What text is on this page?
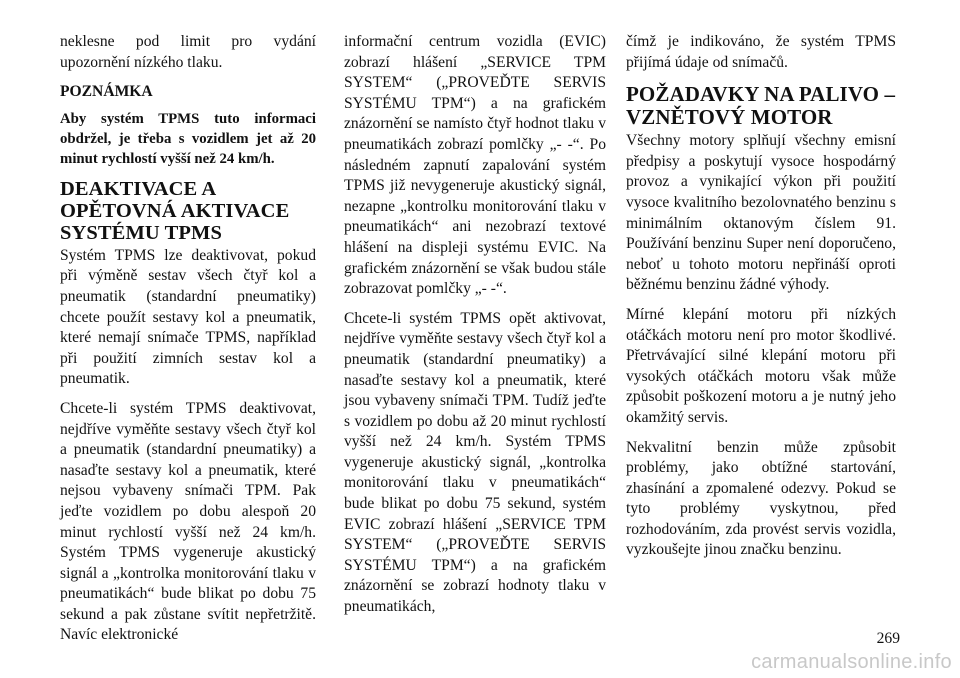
neklesne pod limit pro vydání upozornění nízkého tlaku.

POZNÁMKA

Aby systém TPMS tuto informaci obdržel, je třeba s vozidlem jet až 20 minut rychlostí vyšší než 24 km/h.

DEAKTIVACE A OPĚTOVNÁ AKTIVACE SYSTÉMU TPMS

Systém TPMS lze deaktivovat, pokud při výměně sestav všech čtyř kol a pneumatik (standardní pneumatiky) chcete použít sestavy kol a pneumatik, které nemají snímače TPMS, například při použití zimních sestav kol a pneumatik.

Chcete-li systém TPMS deaktivovat, nejdříve vyměňte sestavy všech čtyř kol a pneumatik (standardní pneumatiky) a nasaďte sestavy kol a pneumatik, které nejsou vybaveny snímači TPM. Pak jeďte vozidlem po dobu alespoň 20 minut rychlostí vyšší než 24 km/h. Systém TPMS vygeneruje akustický signál a „kontrolka monitorování tlaku v pneumatikách“ bude blikat po dobu 75 sekund a pak zůstane svítit nepřetržitě. Navíc elektronické

informační centrum vozidla (EVIC) zobrazí hlášení „SERVICE TPM SYSTEM“ („PROVEĎTE SERVIS SYSTÉMU TPM“) a na grafickém znázornění se namísto čtyř hodnot tlaku v pneumatikách zobrazí pomlčky „- -“. Po následném zapnutí zapalování systém TPMS již nevygeneruje akustický signál, nezapne „kontrolku monitorování tlaku v pneumatikách“ ani nezobrazí textové hlášení na displeji systému EVIC. Na grafickém znázornění se však budou stále zobrazovat pomlčky „- -“.

Chcete-li systém TPMS opět aktivovat, nejdříve vyměňte sestavy všech čtyř kol a pneumatik (standardní pneumatiky) a nasaďte sestavy kol a pneumatik, které jsou vybaveny snímači TPM. Tudíž jeďte s vozidlem po dobu až 20 minut rychlostí vyšší než 24 km/h. Systém TPMS vygeneruje akustický signál, „kontrolka monitorování tlaku v pneumatikách“ bude blikat po dobu 75 sekund, systém EVIC zobrazí hlášení „SERVICE TPM SYSTEM“ („PROVEĎTE SERVIS SYSTÉMU TPM“) a na grafickém znázornění se zobrazí hodnoty tlaku v pneumatikách,

čímž je indikováno, že systém TPMS přijímá údaje od snímačů.

POŽADAVKY NA PALIVO – VZNĚTOVÝ MOTOR

Všechny motory splňují všechny emisní předpisy a poskytují vysoce hospodárný provoz a vynikající výkon při použití vysoce kvalitního bezolovnatého benzinu s minimálním oktanovým číslem 91. Používání benzinu Super není doporučeno, neboť u tohoto motoru nepřináší oproti běžnému benzinu žádné výhody.

Mírné klepání motoru při nízkých otáčkách motoru není pro motor škodlivé. Přetrvávající silné klepání motoru při vysokých otáčkách motoru však může způsobit poškození motoru a je nutný jeho okamžitý servis.

Nekvalitní benzin může způsobit problémy, jako obtížné startování, zhasínání a zpomalené odezvy. Pokud se tyto problémy vyskytnou, před rozhodováním, zda provést servis vozidla, vyzkoušejte jinou značku benzinu.

269
carmanualsonline.info
